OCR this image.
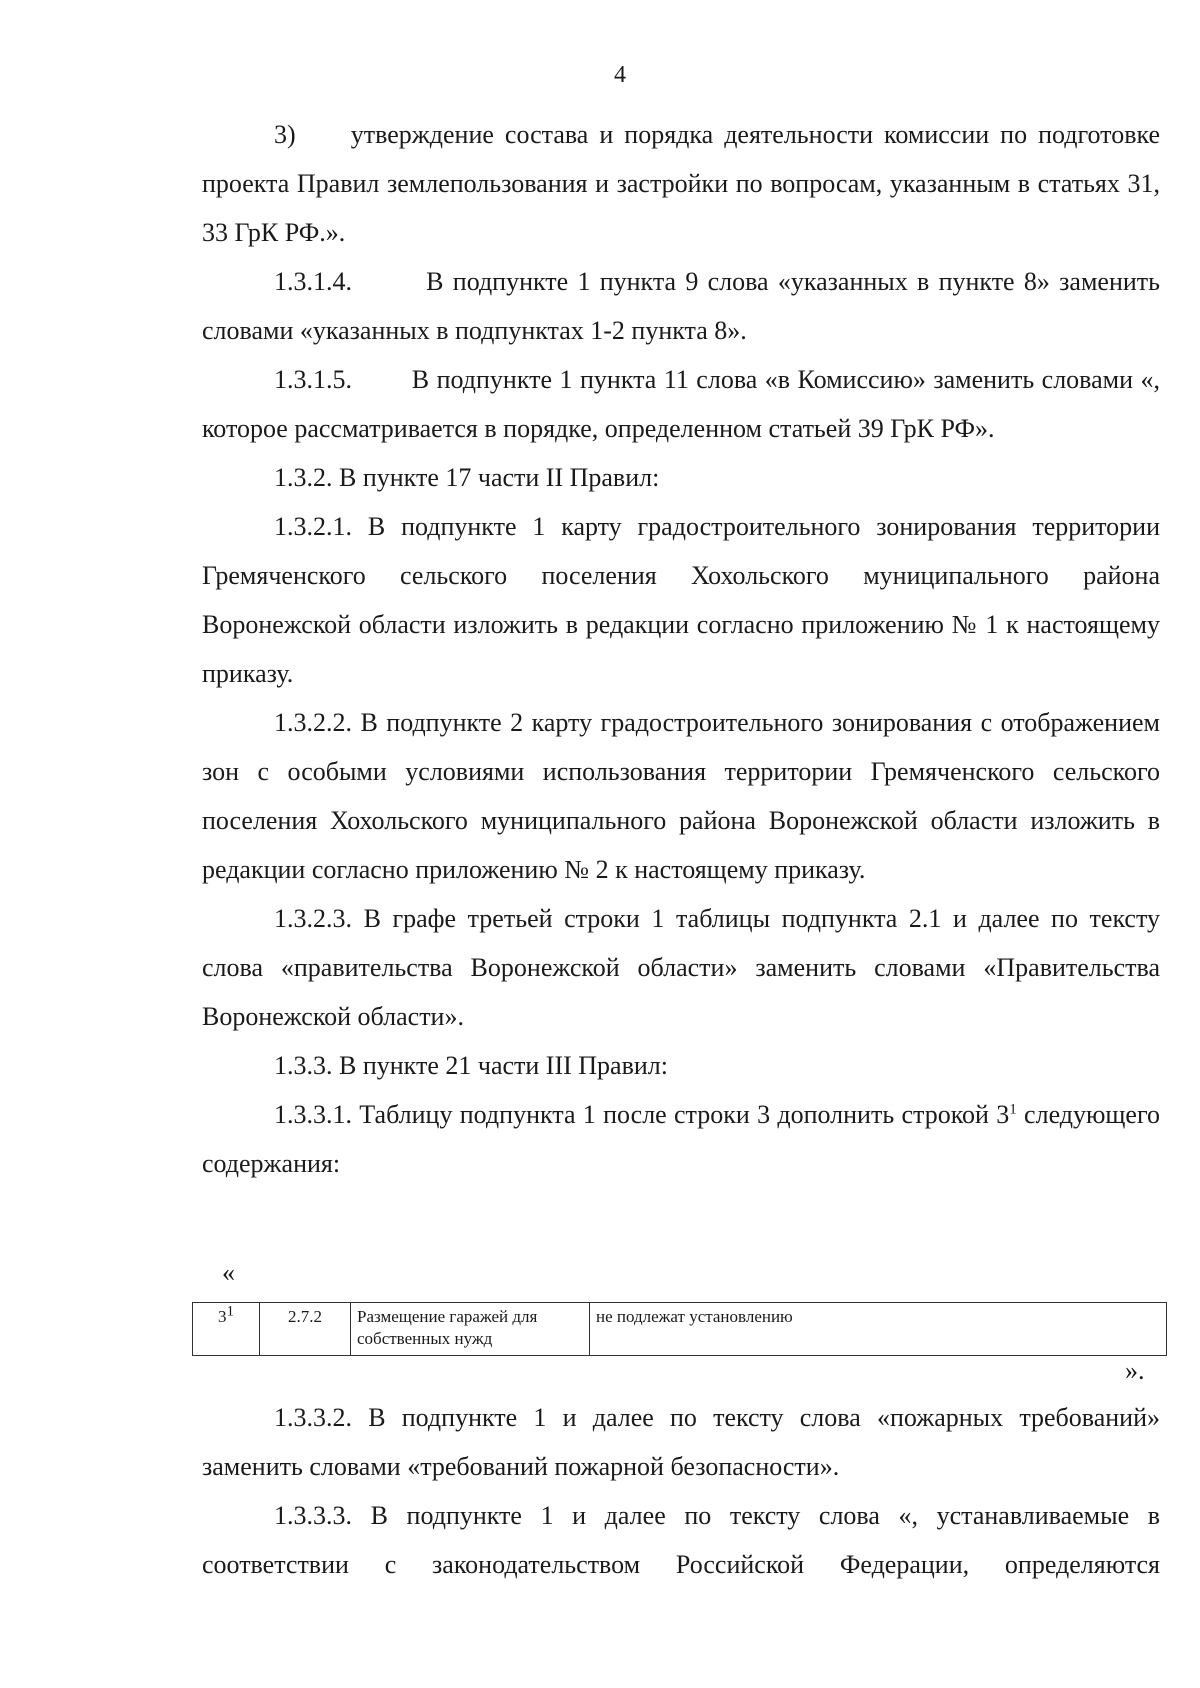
4

3)     утверждение состава и порядка деятельности комиссии по подготовке проекта Правил землепользования и застройки по вопросам, указанным в статьях 31, 33 ГрК РФ.».

1.3.1.4.        В подпункте 1 пункта 9 слова «указанных в пункте 8» заменить словами «указанных в подпунктах 1-2 пункта 8».

1.3.1.5.        В подпункте 1 пункта 11 слова «в Комиссию» заменить словами «, которое рассматривается в порядке, определенном статьей 39 ГрК РФ».

1.3.2. В пункте 17 части II Правил:

1.3.2.1. В подпункте 1 карту градостроительного зонирования территории Гремяченского сельского поселения Хохольского муниципального района Воронежской области изложить в редакции согласно приложению № 1 к настоящему приказу.

1.3.2.2. В подпункте 2 карту градостроительного зонирования с отображением зон с особыми условиями использования территории Гремяченского сельского поселения Хохольского муниципального района Воронежской области изложить в редакции согласно приложению № 2 к настоящему приказу.

1.3.2.3. В графе третьей строки 1 таблицы подпункта 2.1 и далее по тексту слова «правительства Воронежской области» заменить словами «Правительства Воронежской области».

1.3.3. В пункте 21 части III Правил:

1.3.3.1. Таблицу подпункта 1 после строки 3 дополнить строкой $3^1$ следующего содержания:

«
$3^1$	2.7.2	Размещение гаражей для собственных нужд	не подлежат установлению
».

1.3.3.2. В подпункте 1 и далее по тексту слова «пожарных требований» заменить словами «требований пожарной безопасности».

1.3.3.3. В подпункте 1 и далее по тексту слова «, устанавливаемые в соответствии с законодательством Российской Федерации, определяются
